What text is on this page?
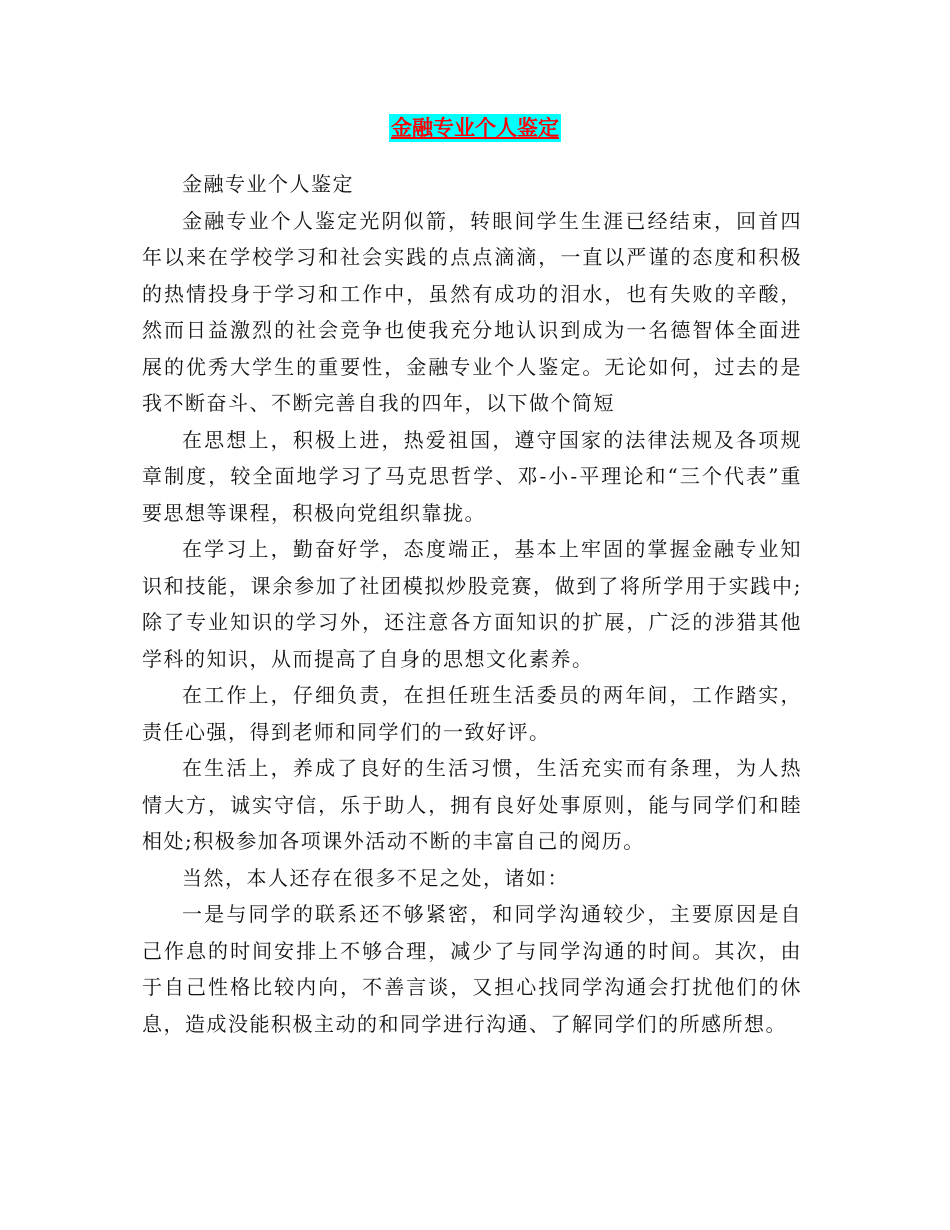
金融专业个人鉴定

金融专业个人鉴定

金融专业个人鉴定光阴似箭，转眼间学生生涯已经结束，回首四年以来在学校学习和社会实践的点点滴滴，一直以严谨的态度和积极的热情投身于学习和工作中，虽然有成功的泪水，也有失败的辛酸，然而日益激烈的社会竞争也使我充分地认识到成为一名德智体全面进展的优秀大学生的重要性，金融专业个人鉴定。无论如何，过去的是我不断奋斗、不断完善自我的四年，以下做个简短

在思想上，积极上进，热爱祖国，遵守国家的法律法规及各项规章制度，较全面地学习了马克思哲学、邓-小-平理论和“三个代表”重要思想等课程，积极向党组织靠拢。

在学习上，勤奋好学，态度端正，基本上牢固的掌握金融专业知识和技能，课余参加了社团模拟炒股竞赛，做到了将所学用于实践中;除了专业知识的学习外，还注意各方面知识的扩展，广泛的涉猎其他学科的知识，从而提高了自身的思想文化素养。

在工作上，仔细负责，在担任班生活委员的两年间，工作踏实，责任心强，得到老师和同学们的一致好评。

在生活上，养成了良好的生活习惯，生活充实而有条理，为人热情大方，诚实守信，乐于助人，拥有良好处事原则，能与同学们和睦相处;积极参加各项课外活动不断的丰富自己的阅历。

当然，本人还存在很多不足之处，诸如：

一是与同学的联系还不够紧密，和同学沟通较少，主要原因是自己作息的时间安排上不够合理，减少了与同学沟通的时间。其次，由于自己性格比较内向，不善言谈，又担心找同学沟通会打扰他们的休息，造成没能积极主动的和同学进行沟通、了解同学们的所感所想。
